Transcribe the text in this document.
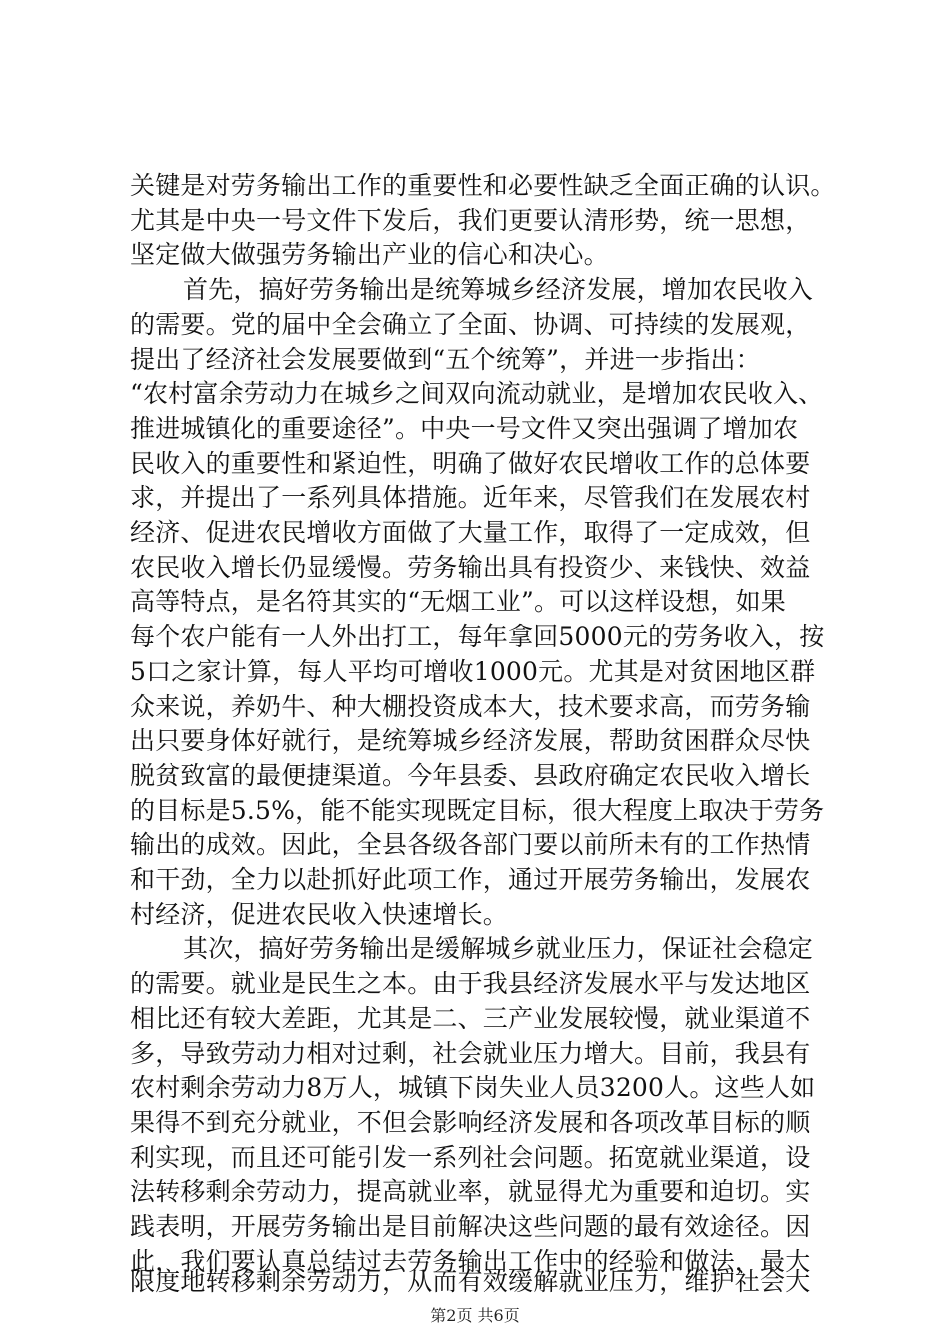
关键是对劳务输出工作的重要性和必要性缺乏全面正确的认识。
尤其是中央一号文件下发后，我们更要认清形势，统一思想，
坚定做大做强劳务输出产业的信心和决心。
首先，搞好劳务输出是统筹城乡经济发展，增加农民收入
的需要。党的届中全会确立了全面、协调、可持续的发展观，
提出了经济社会发展要做到“五个统筹”，并进一步指出：
“农村富余劳动力在城乡之间双向流动就业，是增加农民收入、
推进城镇化的重要途径”。中央一号文件又突出强调了增加农
民收入的重要性和紧迫性，明确了做好农民增收工作的总体要
求，并提出了一系列具体措施。近年来，尽管我们在发展农村
经济、促进农民增收方面做了大量工作，取得了一定成效，但
农民收入增长仍显缓慢。劳务输出具有投资少、来钱快、效益
高等特点，是名符其实的“无烟工业”。可以这样设想，如果
每个农户能有一人外出打工，每年拿回5000元的劳务收入，按
5口之家计算，每人平均可增收1000元。尤其是对贫困地区群
众来说，养奶牛、种大棚投资成本大，技术要求高，而劳务输
出只要身体好就行，是统筹城乡经济发展，帮助贫困群众尽快
脱贫致富的最便捷渠道。今年县委、县政府确定农民收入增长
的目标是5.5%，能不能实现既定目标，很大程度上取决于劳务
输出的成效。因此，全县各级各部门要以前所未有的工作热情
和干劲，全力以赴抓好此项工作，通过开展劳务输出，发展农
村经济，促进农民收入快速增长。
其次，搞好劳务输出是缓解城乡就业压力，保证社会稳定
的需要。就业是民生之本。由于我县经济发展水平与发达地区
相比还有较大差距，尤其是二、三产业发展较慢，就业渠道不
多，导致劳动力相对过剩，社会就业压力增大。目前，我县有
农村剩余劳动力8万人，城镇下岗失业人员3200人。这些人如
果得不到充分就业，不但会影响经济发展和各项改革目标的顺
利实现，而且还可能引发一系列社会问题。拓宽就业渠道，设
法转移剩余劳动力，提高就业率，就显得尤为重要和迫切。实
践表明，开展劳务输出是目前解决这些问题的最有效途径。因
此，我们要认真总结过去劳务输出工作中的经验和做法，最大
限度地转移剩余劳动力，从而有效缓解就业压力，维护社会大
第2页 共6页
